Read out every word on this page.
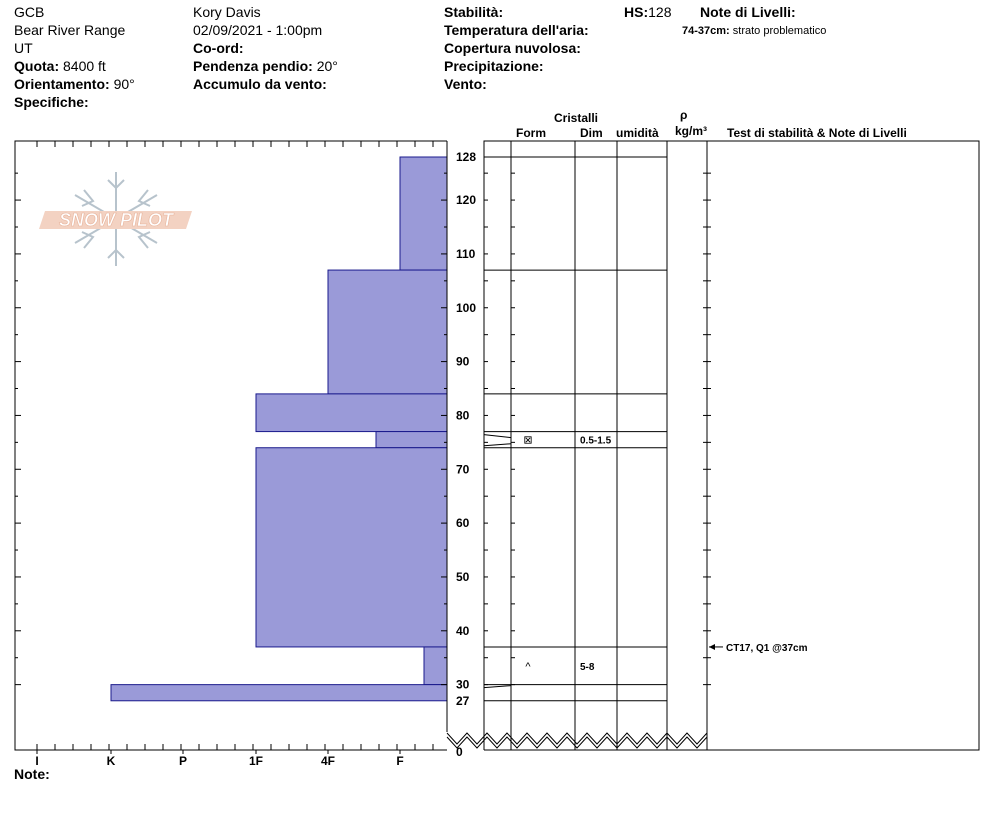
GCB
Bear River Range
UT
Quota: 8400 ft
Orientamento: 90°
Specifiche:
Kory Davis
02/09/2021 - 1:00pm
Co-ord:
Pendenza pendio: 20°
Accumulo da vento:
Stabilità:
Temperatura dell'aria:
Copertura nuvolosa:
Precipitazione:
Vento:
HS:128 Note di Livelli:
74-37cm: strato problematico
Cristalli
Form	Dim umidità
ρ
kg/m³ Test di stabilità & Note di Livelli
SNOW PILOT
27
30
40
50
60
70
80
90
100
110
120
128
0
I	K	P	1F	4F	F
⊠	0.5-1.5
^	5-8
CT17, Q1 @37cm
Note:
